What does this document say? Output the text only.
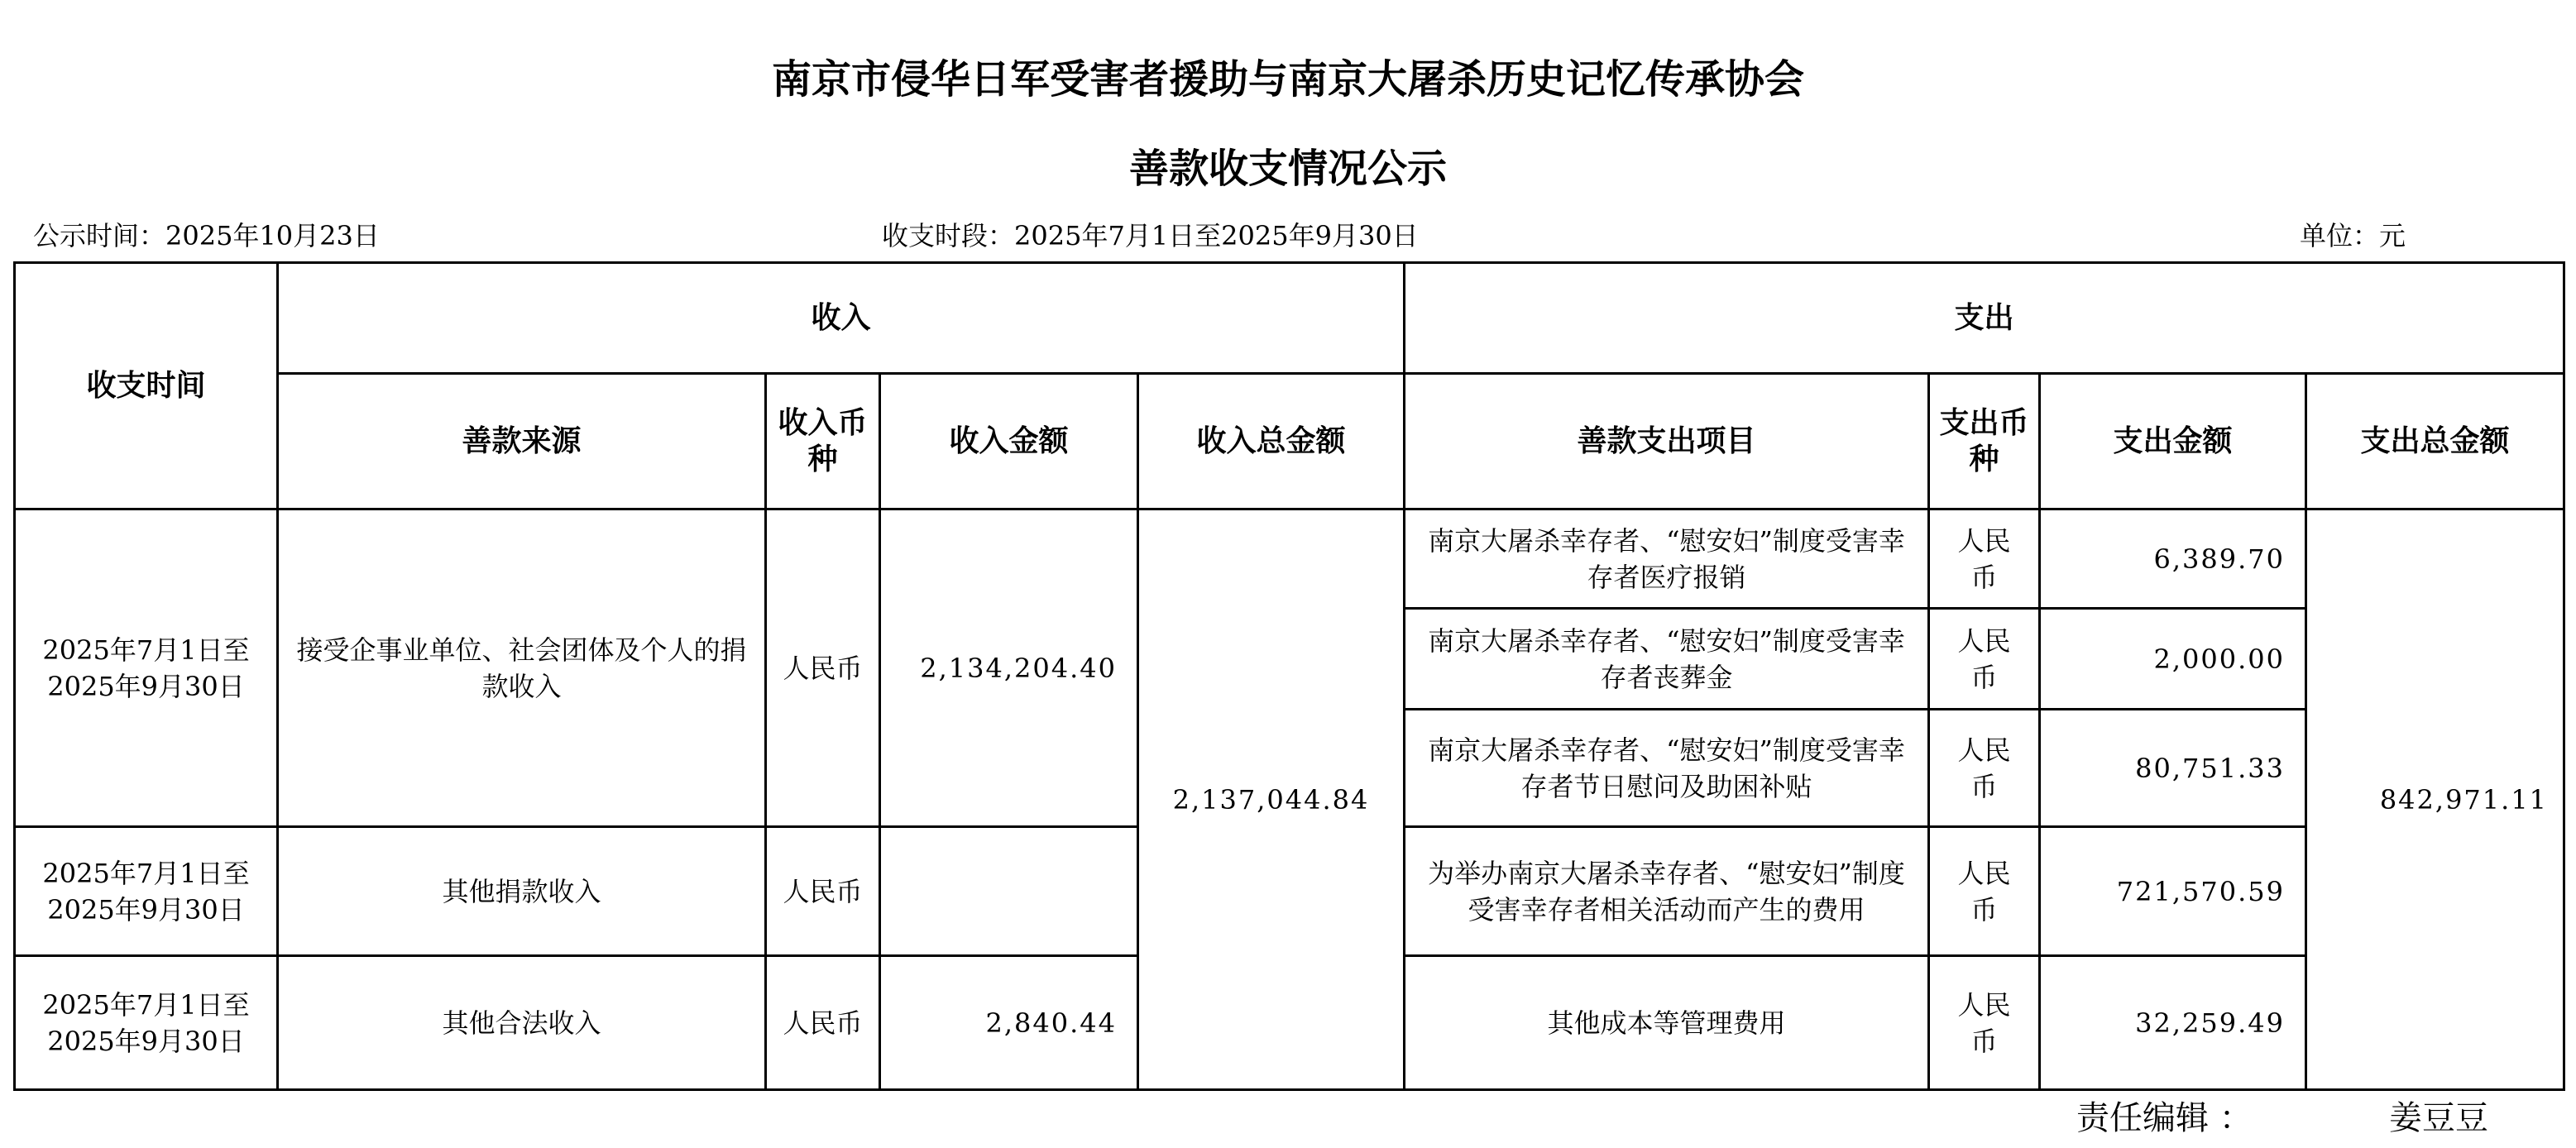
南京市侵华日军受害者援助与南京大屠杀历史记忆传承协会
善款收支情况公示
公示时间：2025年10月23日	收支时段：2025年7月1日至2025年9月30日	单位：元
收支时间	收入				支出			
	善款来源	收入币种	收入金额	收入总金额	善款支出项目	支出币种	支出金额	支出总金额
2025年7月1日至2025年9月30日	接受企事业单位、社会团体及个人的捐款收入	人民币	2,134,204.40	2,137,044.84	南京大屠杀幸存者、“慰安妇”制度受害幸存者医疗报销	人民币	6,389.70	842,971.11
					南京大屠杀幸存者、“慰安妇”制度受害幸存者丧葬金	人民币	2,000.00	
					南京大屠杀幸存者、“慰安妇”制度受害幸存者节日慰问及助困补贴	人民币	80,751.33	
2025年7月1日至2025年9月30日	其他捐款收入	人民币			为举办南京大屠杀幸存者、“慰安妇”制度受害幸存者相关活动而产生的费用	人民币	721,570.59	
2025年7月1日至2025年9月30日	其他合法收入	人民币	2,840.44		其他成本等管理费用	人民币	32,259.49	
责任编辑 ：	姜豆豆
